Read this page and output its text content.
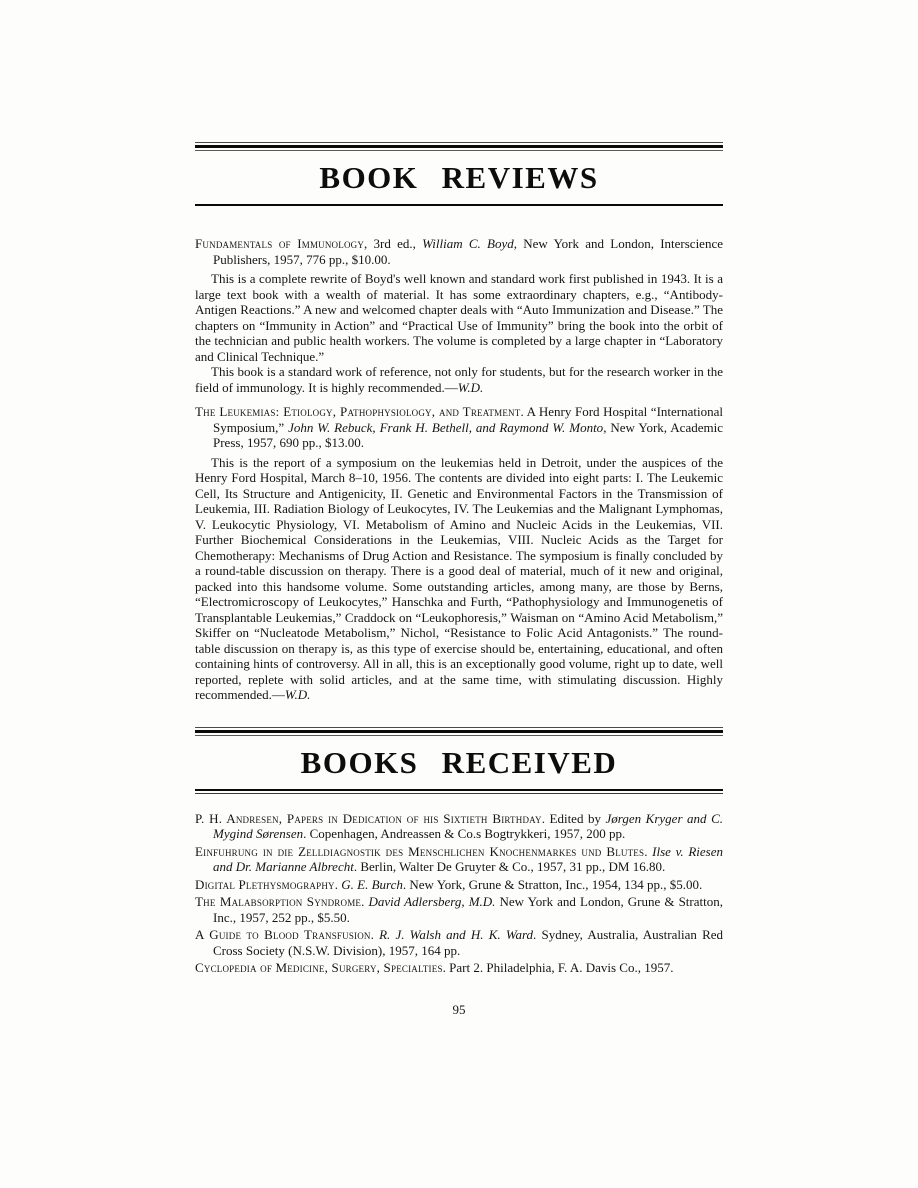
BOOK REVIEWS

Fundamentals of Immunology, 3rd ed., William C. Boyd, New York and London, Interscience Publishers, 1957, 776 pp., $10.00.

This is a complete rewrite of Boyd's well known and standard work first published in 1943. It is a large text book with a wealth of material. It has some extraordinary chapters, e.g., “Antibody-Antigen Reactions.” A new and welcomed chapter deals with “Auto Immunization and Disease.” The chapters on “Immunity in Action” and “Practical Use of Immunity” bring the book into the orbit of the technician and public health workers. The volume is completed by a large chapter in “Laboratory and Clinical Technique.”

This book is a standard work of reference, not only for students, but for the research worker in the field of immunology. It is highly recommended.—W.D.

The Leukemias: Etiology, Pathophysiology, and Treatment. A Henry Ford Hospital “International Symposium,” John W. Rebuck, Frank H. Bethell, and Raymond W. Monto, New York, Academic Press, 1957, 690 pp., $13.00.

This is the report of a symposium on the leukemias held in Detroit, under the auspices of the Henry Ford Hospital, March 8–10, 1956. The contents are divided into eight parts: I. The Leukemic Cell, Its Structure and Antigenicity, II. Genetic and Environmental Factors in the Transmission of Leukemia, III. Radiation Biology of Leukocytes, IV. The Leukemias and the Malignant Lymphomas, V. Leukocytic Physiology, VI. Metabolism of Amino and Nucleic Acids in the Leukemias, VII. Further Biochemical Considerations in the Leukemias, VIII. Nucleic Acids as the Target for Chemotherapy: Mechanisms of Drug Action and Resistance. The symposium is finally concluded by a round-table discussion on therapy. There is a good deal of material, much of it new and original, packed into this handsome volume. Some outstanding articles, among many, are those by Berns, “Electromicroscopy of Leukocytes,” Hanschka and Furth, “Pathophysiology and Immunogenetis of Transplantable Leukemias,” Craddock on “Leukophoresis,” Waisman on “Amino Acid Metabolism,” Skiffer on “Nucleatode Metabolism,” Nichol, “Resistance to Folic Acid Antagonists.” The round-table discussion on therapy is, as this type of exercise should be, entertaining, educational, and often containing hints of controversy. All in all, this is an exceptionally good volume, right up to date, well reported, replete with solid articles, and at the same time, with stimulating discussion. Highly recommended.—W.D.

BOOKS RECEIVED

P. H. Andresen, Papers in Dedication of his Sixtieth Birthday. Edited by Jørgen Kryger and C. Mygind Sørensen. Copenhagen, Andreassen & Co.s Bogtrykkeri, 1957, 200 pp.

Einfuhrung in die Zelldiagnostik des Menschlichen Knochenmarkes und Blutes. Ilse v. Riesen and Dr. Marianne Albrecht. Berlin, Walter De Gruyter & Co., 1957, 31 pp., DM 16.80.

Digital Plethysmography. G. E. Burch. New York, Grune & Stratton, Inc., 1954, 134 pp., $5.00.

The Malabsorption Syndrome. David Adlersberg, M.D. New York and London, Grune & Stratton, Inc., 1957, 252 pp., $5.50.

A Guide to Blood Transfusion. R. J. Walsh and H. K. Ward. Sydney, Australia, Australian Red Cross Society (N.S.W. Division), 1957, 164 pp.

Cyclopedia of Medicine, Surgery, Specialties. Part 2. Philadelphia, F. A. Davis Co., 1957.

95
